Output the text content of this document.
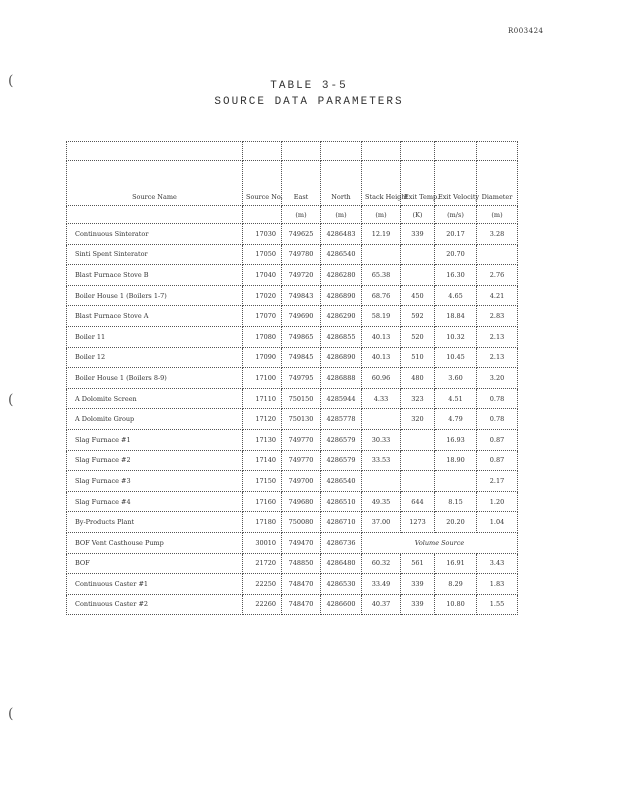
R003424
(
(
(
TABLE 3-5
SOURCE DATA PARAMETERS

Source Name	Source No.	East	North	Stack Height	Exit Temp.	Exit Velocity	Diameter
		(m)	(m)	(m)	(K)	(m/s)	(m)
Continuous Sinterator	17030	749625	4286483	12.19	339	20.17	3.28
Sinti Spent Sinterator	17050	749780	4286540			20.70	
Blast Furnace Stove B	17040	749720	4286280	65.38		16.30	2.76
Boiler House 1 (Boilers 1-7)	17020	749843	4286890	68.76	450	4.65	4.21
Blast Furnace Stove A	17070	749690	4286290	58.19	592	18.84	2.83
Boiler 11	17080	749865	4286855	40.13	520	10.32	2.13
Boiler 12	17090	749845	4286890	40.13	510	10.45	2.13
Boiler House 1 (Boilers 8-9)	17100	749795	4286888	60.96	480	3.60	3.20
A Dolomite Screen	17110	750150	4285944	4.33	323	4.51	0.78
A Dolomite Group	17120	750130	4285778		320	4.79	0.78
Slag Furnace #1	17130	749770	4286579	30.33		16.93	0.87
Slag Furnace #2	17140	749770	4286579	33.53		18.90	0.87
Slag Furnace #3	17150	749700	4286540				2.17
Slag Furnace #4	17160	749680	4286510	49.35	644	8.15	1.20
By-Products Plant	17180	750080	4286710	37.00	1273	20.20	1.04
BOF Vent Casthouse Pump	30010	749470	4286736	Volume Source			
BOF	21720	748850	4286480	60.32	561	16.91	3.43
Continuous Caster #1	22250	748470	4286530	33.49	339	8.29	1.83
Continuous Caster #2	22260	748470	4286600	40.37	339	10.80	1.55
